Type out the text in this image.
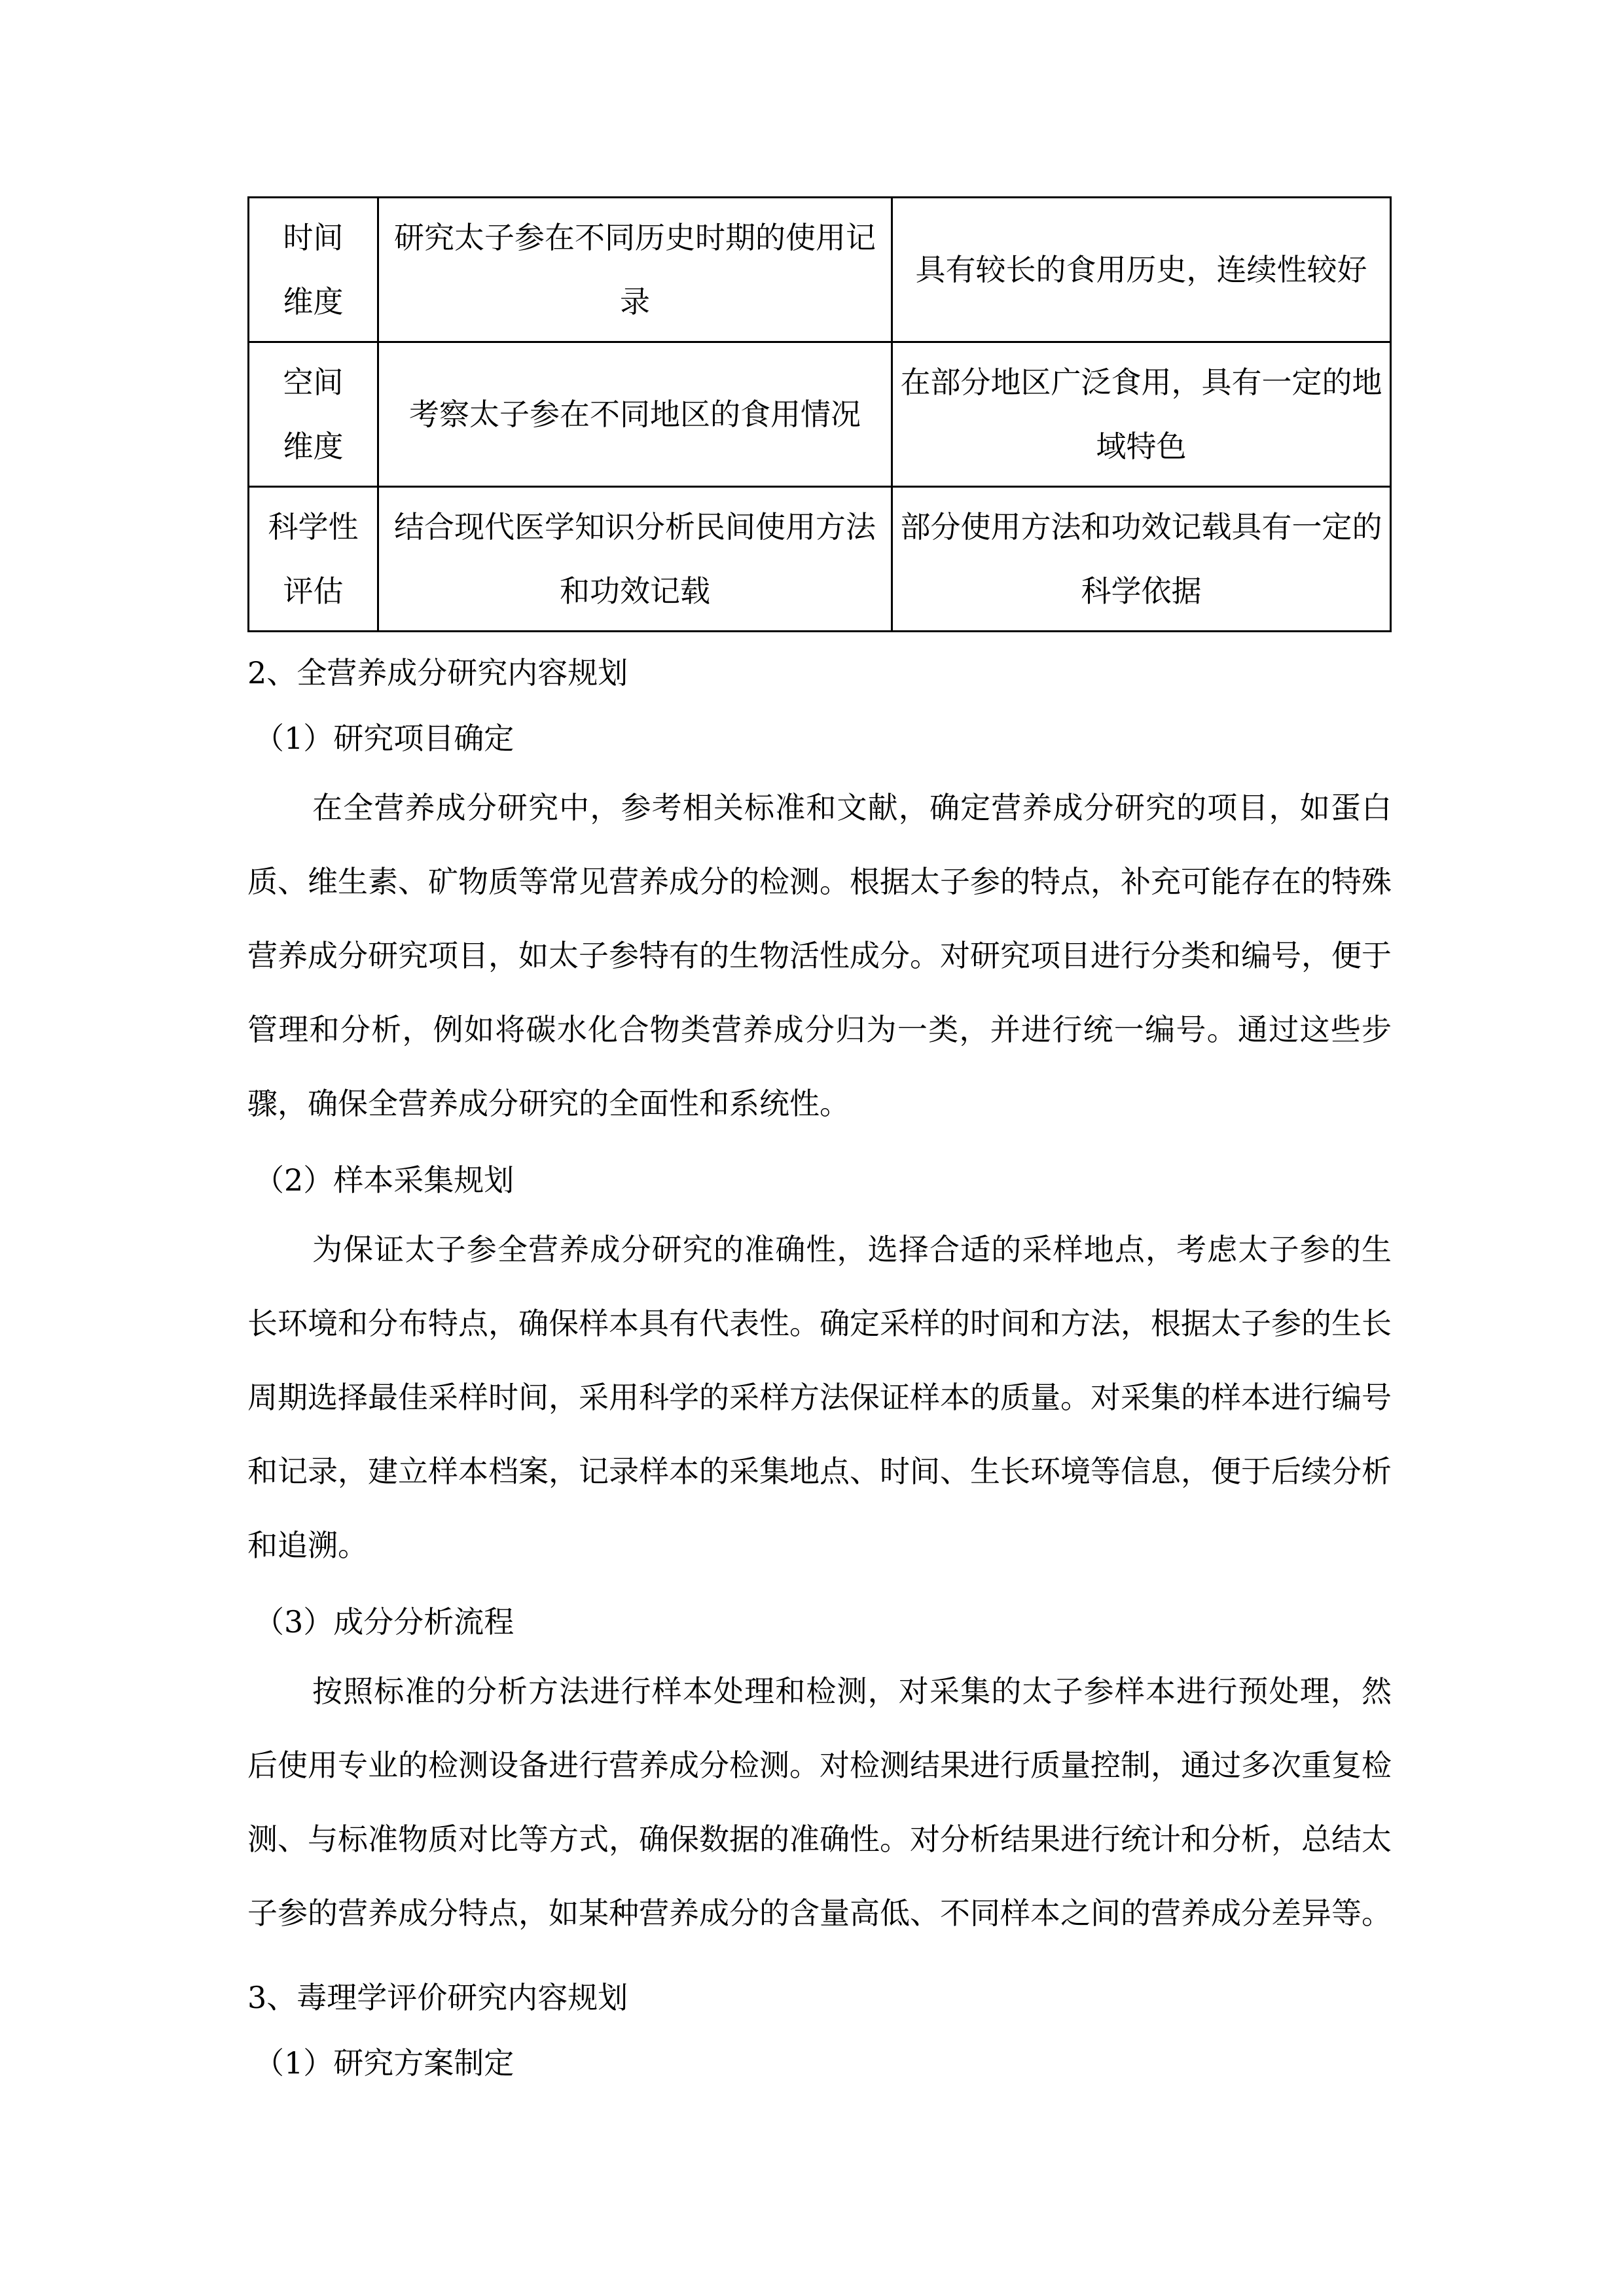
时间维度	研究太子参在不同历史时期的使用记录	具有较长的食用历史，连续性较好
空间维度	考察太子参在不同地区的食用情况	在部分地区广泛食用，具有一定的地域特色
科学性评估	结合现代医学知识分析民间使用方法和功效记载	部分使用方法和功效记载具有一定的科学依据
2、全营养成分研究内容规划
（1）研究项目确定

在全营养成分研究中，参考相关标准和文献，确定营养成分研究的项目，如蛋白质、维生素、矿物质等常见营养成分的检测。根据太子参的特点，补充可能存在的特殊营养成分研究项目，如太子参特有的生物活性成分。对研究项目进行分类和编号，便于管理和分析，例如将碳水化合物类营养成分归为一类，并进行统一编号。通过这些步骤，确保全营养成分研究的全面性和系统性。

（2）样本采集规划

为保证太子参全营养成分研究的准确性，选择合适的采样地点，考虑太子参的生长环境和分布特点，确保样本具有代表性。确定采样的时间和方法，根据太子参的生长周期选择最佳采样时间，采用科学的采样方法保证样本的质量。对采集的样本进行编号和记录，建立样本档案，记录样本的采集地点、时间、生长环境等信息，便于后续分析和追溯。

（3）成分分析流程

按照标准的分析方法进行样本处理和检测，对采集的太子参样本进行预处理，然后使用专业的检测设备进行营养成分检测。对检测结果进行质量控制，通过多次重复检测、与标准物质对比等方式，确保数据的准确性。对分析结果进行统计和分析，总结太子参的营养成分特点，如某种营养成分的含量高低、不同样本之间的营养成分差异等。

3、毒理学评价研究内容规划
（1）研究方案制定
